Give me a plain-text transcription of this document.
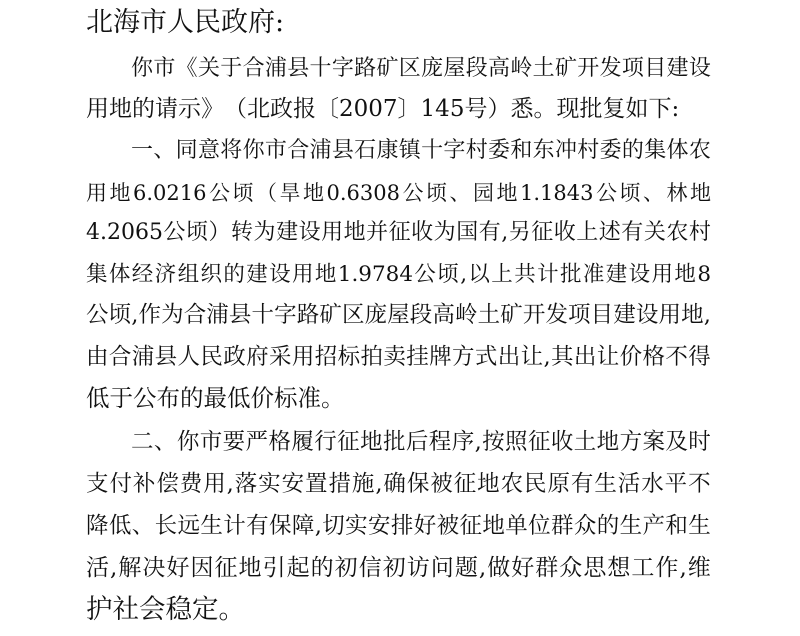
北海市人民政府:
你 市 《 关 于 合 浦 县 十 字 路 矿 区 庞 屋 段 高 岭 土 矿 开 发 项 目 建 设
用 地 的 请 示 》 （ 北 政 报 〔 2007 〕 145 号 ） 悉 。 现 批 复 如 下 :
一 、 同 意 将 你 市 合 浦 县 石 康 镇 十 字 村 委 和 东 冲 村 委 的 集 体 农
用 地 6.0216 公 顷 （ 旱 地 0.6308 公 顷 、 园 地 1.1843 公 顷 、 林 地
4.2065 公 顷 ） 转 为 建 设 用 地 并 征 收 为 国 有 , 另 征 收 上 述 有 关 农 村
集 体 经 济 组 织 的 建 设 用 地 1.9784 公 顷 , 以 上 共 计 批 准 建 设 用 地 8
公 顷 , 作 为 合 浦 县 十 字 路 矿 区 庞 屋 段 高 岭 土 矿 开 发 项 目 建 设 用 地 ,
由 合 浦 县 人 民 政 府 采 用 招 标 拍 卖 挂 牌 方 式 出 让 , 其 出 让 价 格 不 得
低于公布的最低价标准。
二 、 你 市 要 严 格 履 行 征 地 批 后 程 序 , 按 照 征 收 土 地 方 案 及 时
支 付 补 偿 费 用 , 落 实 安 置 措 施 , 确 保 被 征 地 农 民 原 有 生 活 水 平 不
降 低 、 长 远 生 计 有 保 障 , 切 实 安 排 好 被 征 地 单 位 群 众 的 生 产 和 生
活 , 解 决 好 因 征 地 引 起 的 初 信 初 访 问 题 , 做 好 群 众 思 想 工 作 , 维
护社会稳定。
